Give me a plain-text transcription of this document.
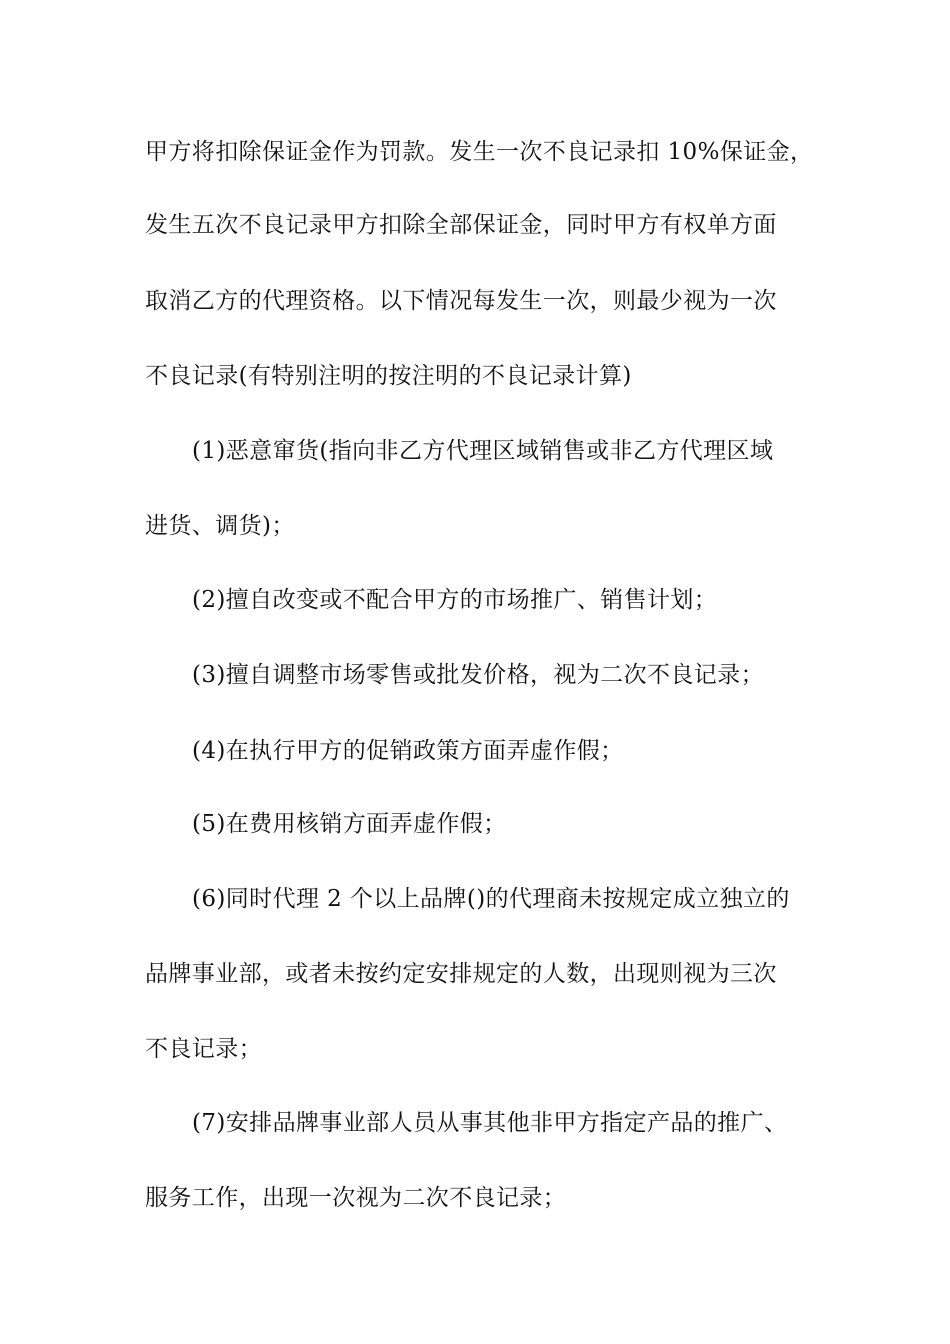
甲方将扣除保证金作为罚款。发生一次不良记录扣 10%保证金，
发生五次不良记录甲方扣除全部保证金，同时甲方有权单方面
取消乙方的代理资格。以下情况每发生一次，则最少视为一次
不良记录(有特别注明的按注明的不良记录计算)
(1)恶意窜货(指向非乙方代理区域销售或非乙方代理区域
进货、调货)；
(2)擅自改变或不配合甲方的市场推广、销售计划；
(3)擅自调整市场零售或批发价格，视为二次不良记录；
(4)在执行甲方的促销政策方面弄虚作假；
(5)在费用核销方面弄虚作假；
(6)同时代理 2 个以上品牌()的代理商未按规定成立独立的
品牌事业部，或者未按约定安排规定的人数，出现则视为三次
不良记录；
(7)安排品牌事业部人员从事其他非甲方指定产品的推广、
服务工作，出现一次视为二次不良记录；
